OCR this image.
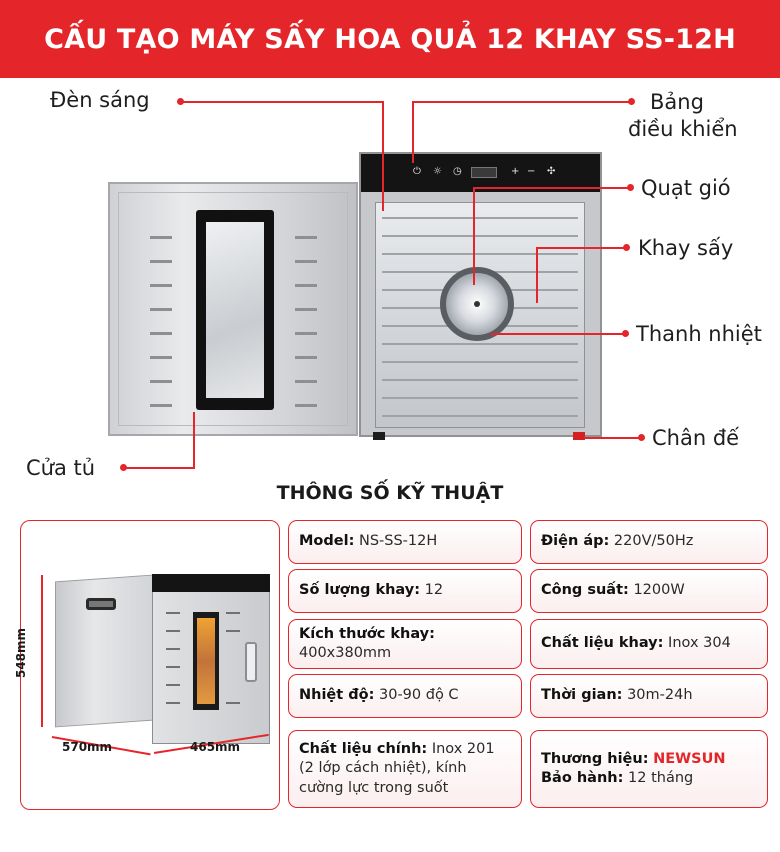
CẤU TẠO MÁY SẤY HOA QUẢ 12 KHAY SS-12H
⏻ ☼ ◷	+ − ✣
Đèn sáng	Bảng
điều khiển
Quạt gió
Khay sấy
Thanh nhiệt
Chân đế
Cửa tủ
THÔNG SỐ KỸ THUẬT
548mm
570mm	465mm
Model: NS-SS-12H
Số lượng khay: 12
Kích thước khay:
400x380mm
Nhiệt độ: 30-90 độ C
Chất liệu chính: Inox 201
(2 lớp cách nhiệt), kính
cường lực trong suốt
Điện áp: 220V/50Hz
Công suất: 1200W
Chất liệu khay: Inox 304
Thời gian: 30m-24h
Thương hiệu: NEWSUN
Bảo hành: 12 tháng
